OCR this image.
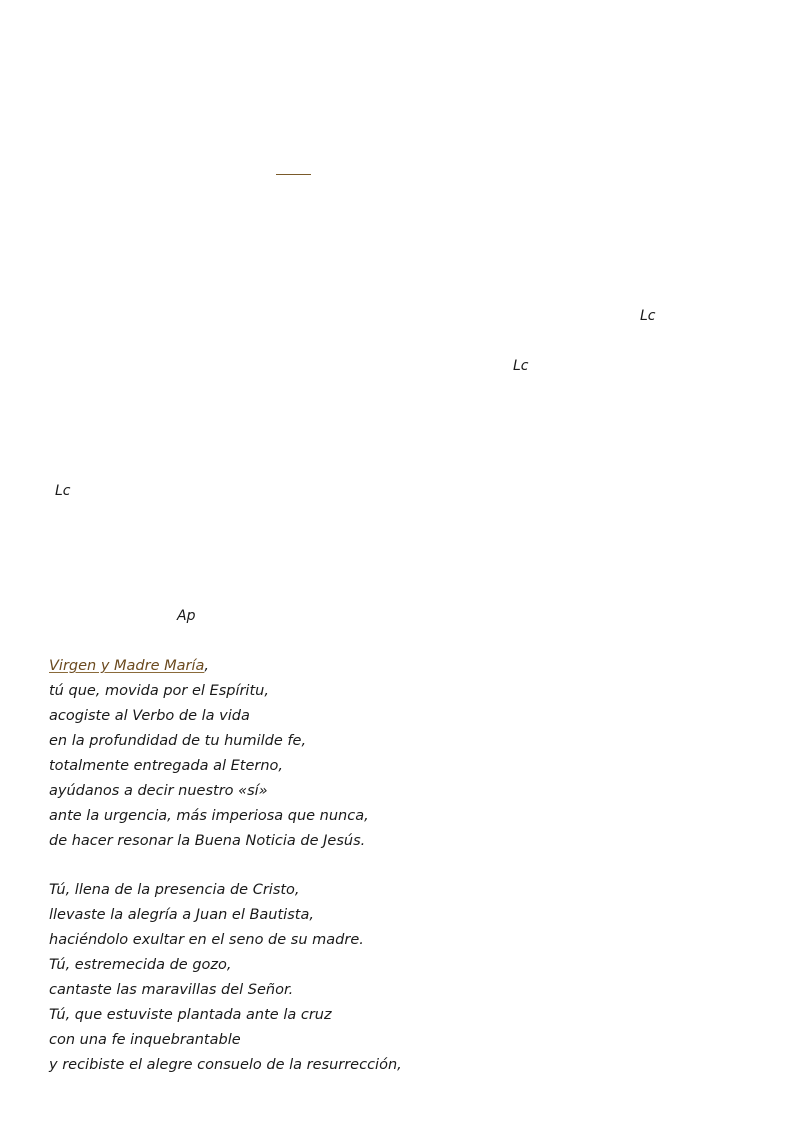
Lc
Lc
Lc
Ap
Virgen y Madre María,
tú que, movida por el Espíritu,
acogiste al Verbo de la vida
en la profundidad de tu humilde fe,
totalmente entregada al Eterno,
ayúdanos a decir nuestro «sí»
ante la urgencia, más imperiosa que nunca,
de hacer resonar la Buena Noticia de Jesús.
Tú, llena de la presencia de Cristo,
llevaste la alegría a Juan el Bautista,
haciéndolo exultar en el seno de su madre.
Tú, estremecida de gozo,
cantaste las maravillas del Señor.
Tú, que estuviste plantada ante la cruz
con una fe inquebrantable
y recibiste el alegre consuelo de la resurrección,
